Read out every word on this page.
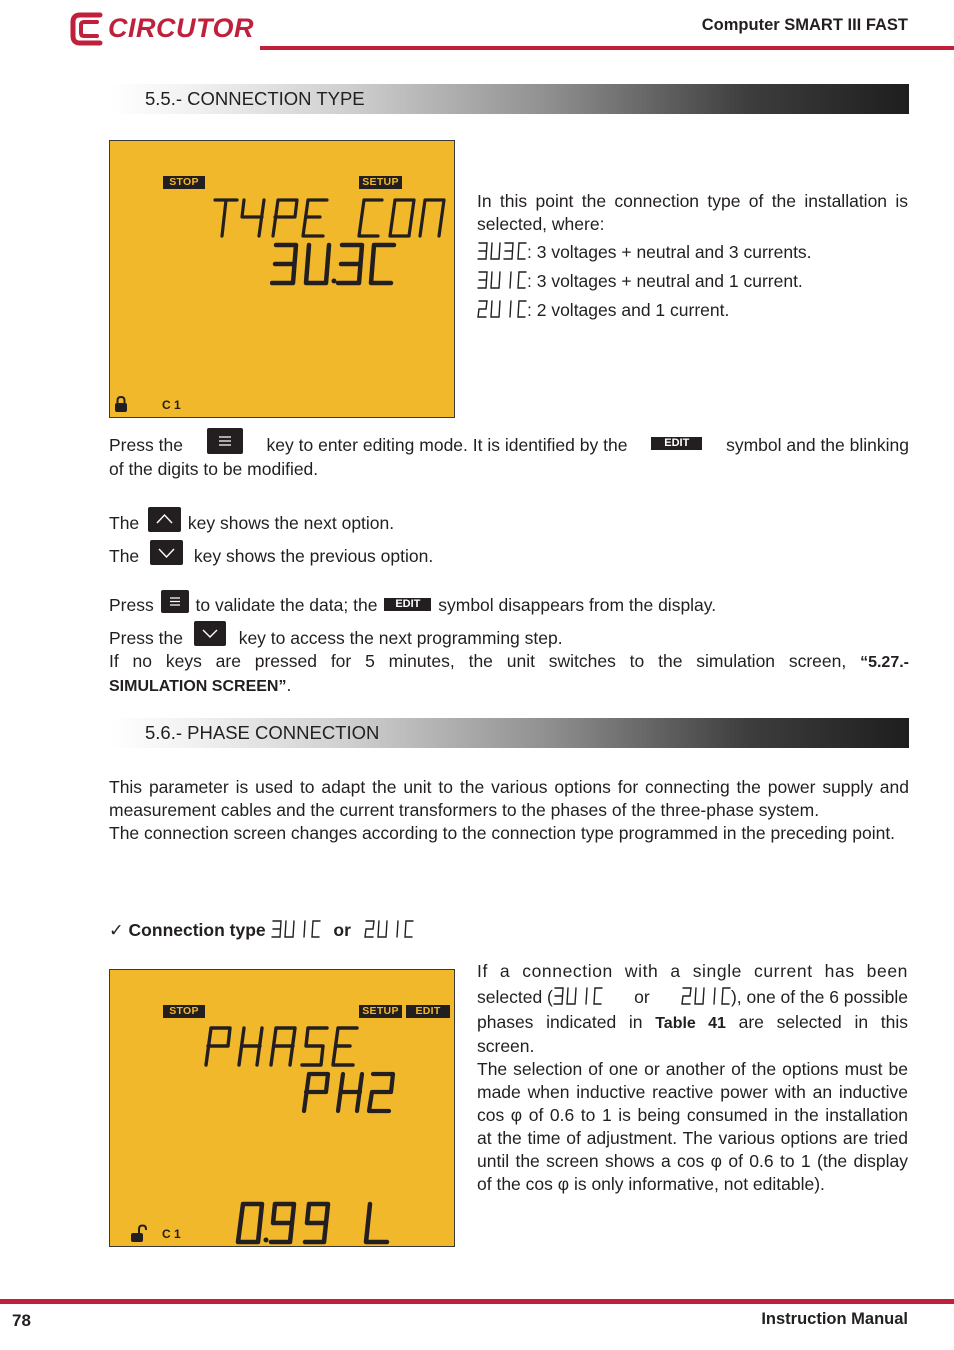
CIRCUTOR	Computer SMART III FAST
5.5.- CONNECTION TYPE
STOP	SETUP
C 1
In this point the connection type of the installation is selected, where:
: 3 voltages + neutral and 3 currents.
: 3 voltages + neutral and 1 current.
: 2 voltages and 1 current.
Press the	key to enter editing mode. It is identified by the	EDIT	symbol and the blinking
of the digits to be modified.
The	key shows the next option.
The	key shows the previous option.
Press to validate the data; the EDIT symbol disappears from the display.
Press the	key to access the next programming step.
If no keys are pressed for 5 minutes, the unit switches to the simulation screen, “5.27.-
SIMULATION SCREEN”.
5.6.- PHASE CONNECTION
This parameter is used to adapt the unit to the various options for connecting the power supply and measurement cables and the current transformers to the phases of the three-phase system.
The connection screen changes according to the connection type programmed in the preceding point.
✓ Connection type	or
STOP	SETUP	EDIT
C 1
If a connection with a single current has been
selected (	or	), one of the 6 possible
phases indicated in Table 41 are selected in this
screen.
The selection of one or another of the options must be made when inductive reactive power with an inductive cos φ of 0.6 to 1 is being consumed in the installation at the time of adjustment. The various options are tried until the screen shows a cos φ of 0.6 to 1 (the display of the cos φ is only informative, not editable).
78	Instruction Manual
